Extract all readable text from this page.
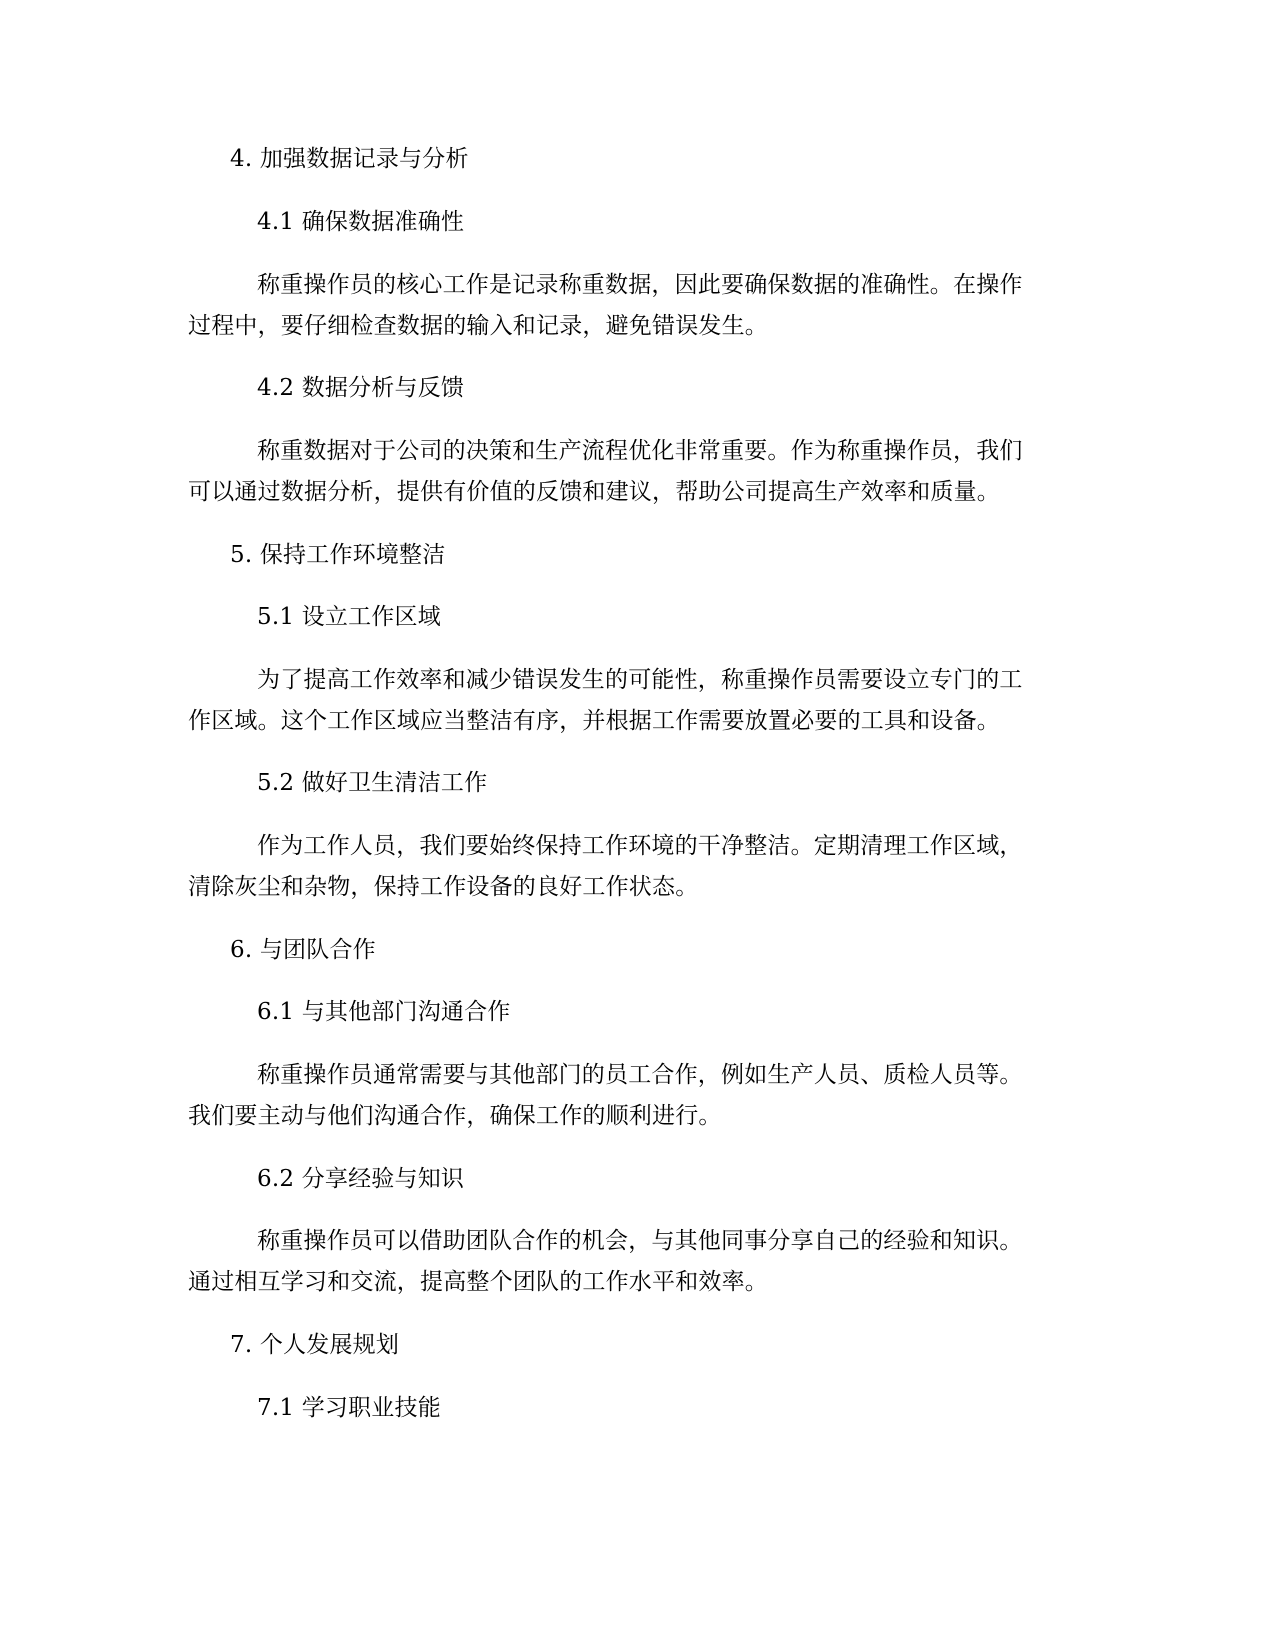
4. 加强数据记录与分析
4.1 确保数据准确性
称重操作员的核心工作是记录称重数据，因此要确保数据的准确性。在操作
过程中，要仔细检查数据的输入和记录，避免错误发生。
4.2 数据分析与反馈
称重数据对于公司的决策和生产流程优化非常重要。作为称重操作员，我们
可以通过数据分析，提供有价值的反馈和建议，帮助公司提高生产效率和质量。
5. 保持工作环境整洁
5.1 设立工作区域
为了提高工作效率和减少错误发生的可能性，称重操作员需要设立专门的工
作区域。这个工作区域应当整洁有序，并根据工作需要放置必要的工具和设备。
5.2 做好卫生清洁工作
作为工作人员，我们要始终保持工作环境的干净整洁。定期清理工作区域，
清除灰尘和杂物，保持工作设备的良好工作状态。
6. 与团队合作
6.1 与其他部门沟通合作
称重操作员通常需要与其他部门的员工合作，例如生产人员、质检人员等。
我们要主动与他们沟通合作，确保工作的顺利进行。
6.2 分享经验与知识
称重操作员可以借助团队合作的机会，与其他同事分享自己的经验和知识。
通过相互学习和交流，提高整个团队的工作水平和效率。
7. 个人发展规划
7.1 学习职业技能
